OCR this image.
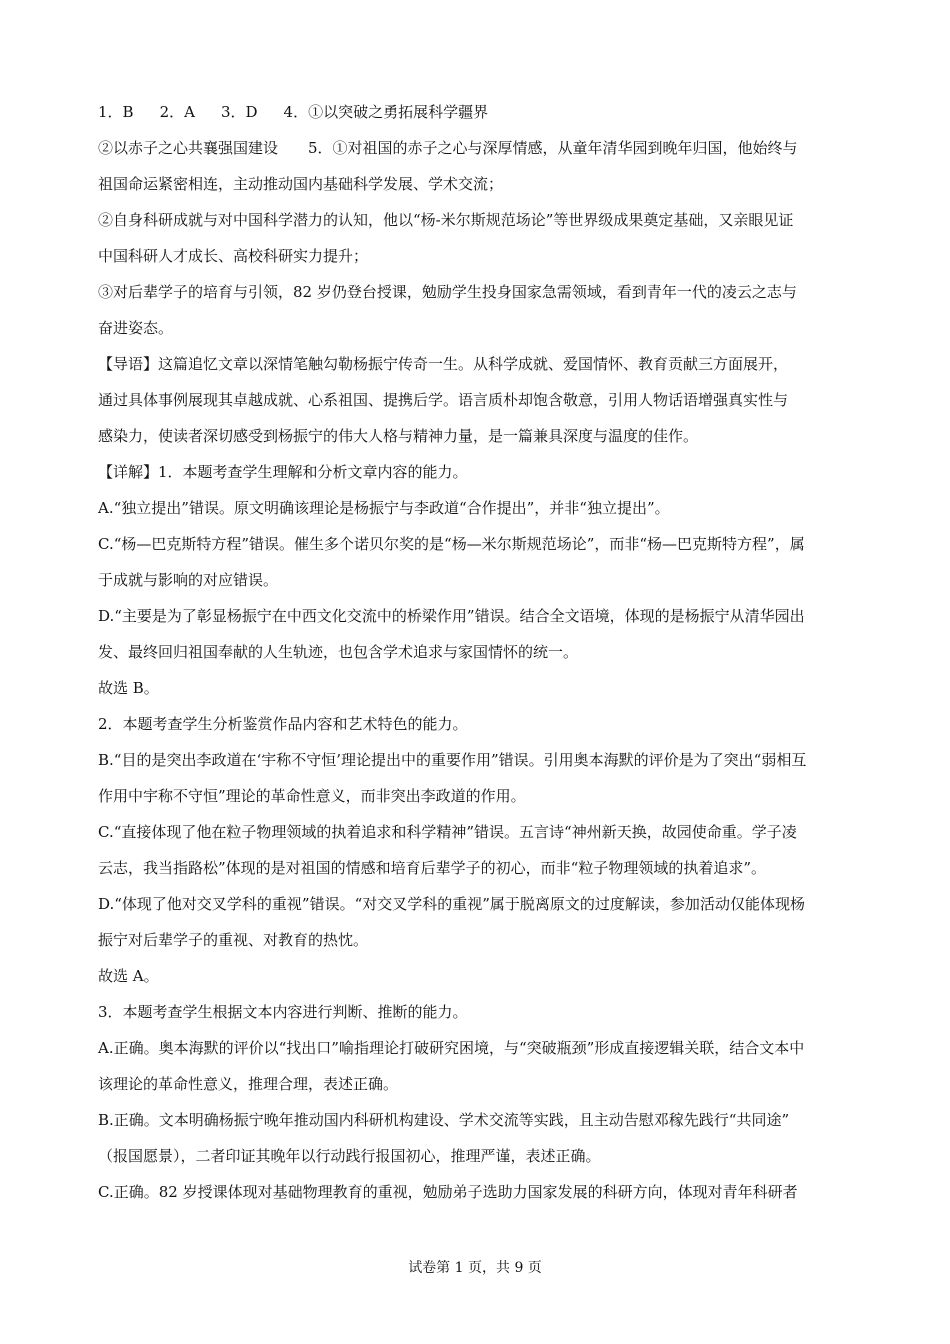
1．B 2．A 3．D 4．①以突破之勇拓展科学疆界
②以赤子之心共襄强国建设　　5．①对祖国的赤子之心与深厚情感，从童年清华园到晚年归国，他始终与
祖国命运紧密相连，主动推动国内基础科学发展、学术交流；
②自身科研成就与对中国科学潜力的认知，他以“杨-米尔斯规范场论”等世界级成果奠定基础，又亲眼见证
中国科研人才成长、高校科研实力提升；
③对后辈学子的培育与引领，82 岁仍登台授课，勉励学生投身国家急需领域，看到青年一代的凌云之志与
奋进姿态。
【导语】这篇追忆文章以深情笔触勾勒杨振宁传奇一生。从科学成就、爱国情怀、教育贡献三方面展开，
通过具体事例展现其卓越成就、心系祖国、提携后学。语言质朴却饱含敬意，引用人物话语增强真实性与
感染力，使读者深切感受到杨振宁的伟大人格与精神力量，是一篇兼具深度与温度的佳作。
【详解】1．本题考查学生理解和分析文章内容的能力。
A.“独立提出”错误。原文明确该理论是杨振宁与李政道“合作提出”，并非“独立提出”。
C.“杨—巴克斯特方程”错误。催生多个诺贝尔奖的是“杨—米尔斯规范场论”，而非“杨—巴克斯特方程”，属
于成就与影响的对应错误。
D.“主要是为了彰显杨振宁在中西文化交流中的桥梁作用”错误。结合全文语境，体现的是杨振宁从清华园出
发、最终回归祖国奉献的人生轨迹，也包含学术追求与家国情怀的统一。
故选 B。
2．本题考查学生分析鉴赏作品内容和艺术特色的能力。
B.“目的是突出李政道在‘宇称不守恒’理论提出中的重要作用”错误。引用奥本海默的评价是为了突出“弱相互
作用中宇称不守恒”理论的革命性意义，而非突出李政道的作用。
C.“直接体现了他在粒子物理领域的执着追求和科学精神”错误。五言诗“神州新天换，故园使命重。学子凌
云志，我当指路松”体现的是对祖国的情感和培育后辈学子的初心，而非“粒子物理领域的执着追求”。
D.“体现了他对交叉学科的重视”错误。“对交叉学科的重视”属于脱离原文的过度解读，参加活动仅能体现杨
振宁对后辈学子的重视、对教育的热忱。
故选 A。
3．本题考查学生根据文本内容进行判断、推断的能力。
A.正确。奥本海默的评价以“找出口”喻指理论打破研究困境，与“突破瓶颈”形成直接逻辑关联，结合文本中
该理论的革命性意义，推理合理，表述正确。
B.正确。文本明确杨振宁晚年推动国内科研机构建设、学术交流等实践，且主动告慰邓稼先践行“共同途”
（报国愿景），二者印证其晚年以行动践行报国初心，推理严谨，表述正确。
C.正确。82 岁授课体现对基础物理教育的重视，勉励弟子选助力国家发展的科研方向，体现对青年科研者
试卷第 1 页，共 9 页
